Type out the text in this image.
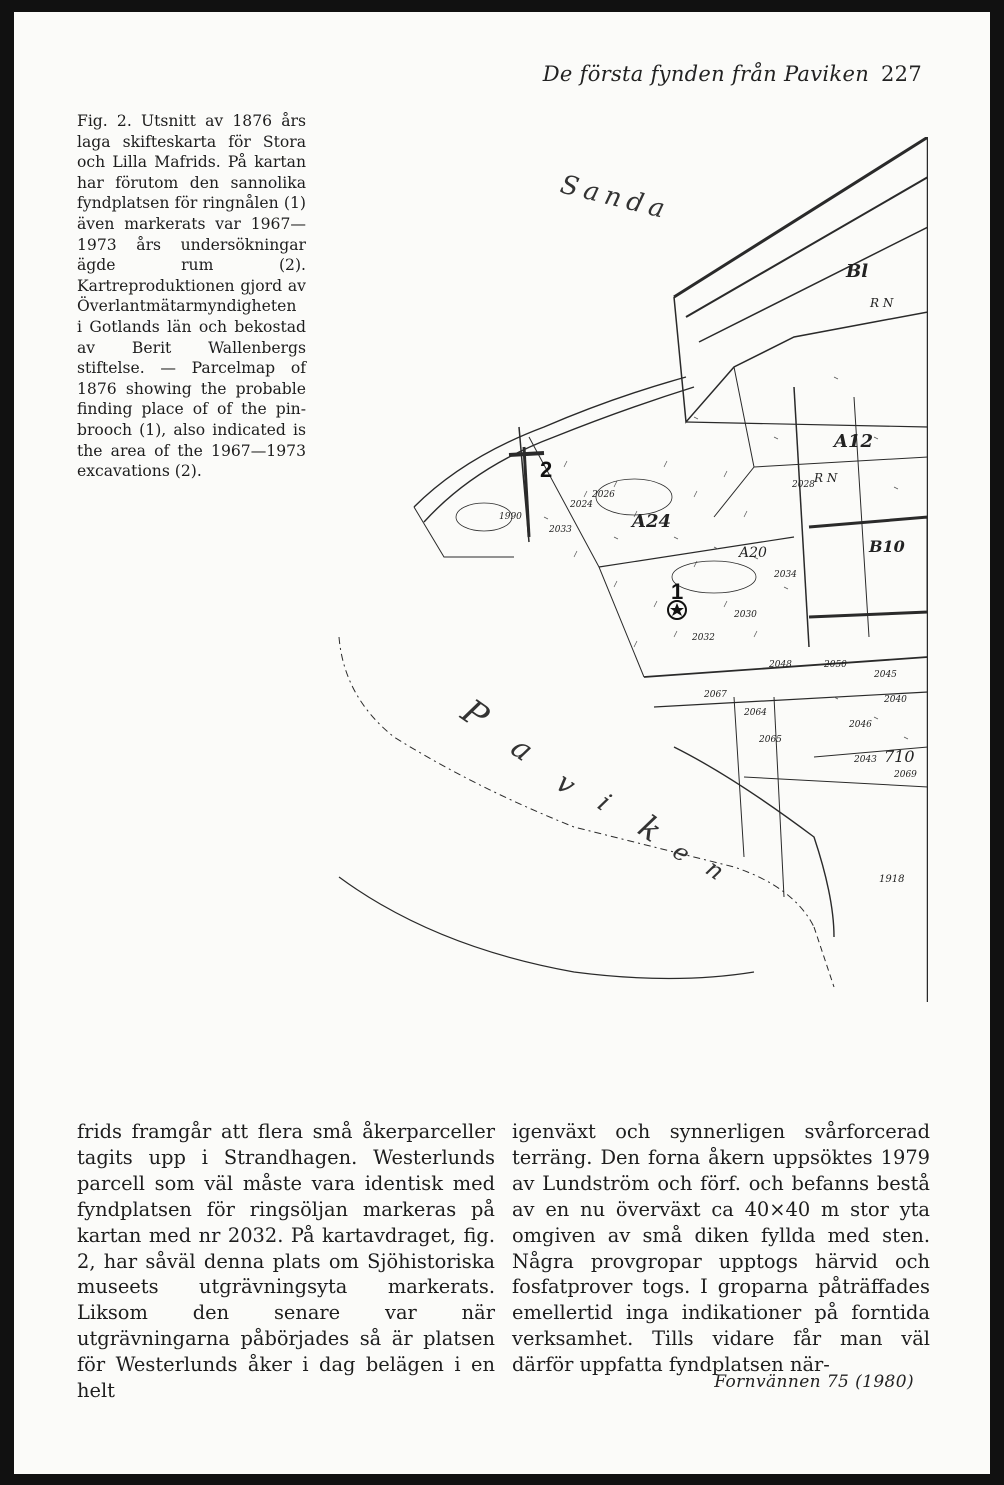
De första fynden från Paviken 227
Fig. 2. Utsnitt av 1876 års laga skifteskarta för Stora och Lilla Mafrids. På kartan har förutom den sannolika fyndplatsen för ringnålen (1) även markerats var 1967—1973 års undersökningar ägde rum (2). Kartreproduktionen gjord av Överlantmätarmyndigheten i Gotlands län och bekostad av Berit Wallenbergs stiftelse. — Parcelmap of 1876 showing the probable finding place of of the pin-brooch (1), also indicated is the area of the 1967—1973 excavations (2).
1
2
Sanda
P
a
v
i
k
e
n
Bl
A12
A24
B10
A20
R N
R N
2032
2033
2034
2026
2030
2028
2024
2050
2064
2067
2048
2045
2046
2043
2065
2069
710
1990
2040
1918
frids framgår att flera små åkerparceller tagits upp i Strandhagen. Westerlunds parcell som väl måste vara identisk med fyndplatsen för ringsöljan markeras på kartan med nr 2032. På kartavdraget, fig. 2, har såväl denna plats om Sjöhistoriska museets utgrävningsyta markerats. Liksom den senare var när utgrävningarna påbörjades så är platsen för Westerlunds åker i dag belägen i en helt
igenväxt och synnerligen svårforcerad terräng. Den forna åkern uppsöktes 1979 av Lundström och förf. och befanns bestå av en nu överväxt ca 40×40 m stor yta omgiven av små diken fyllda med sten. Några provgropar upptogs härvid och fosfatprover togs. I groparna påträffades emellertid inga indikationer på forntida verksamhet. Tills vidare får man väl därför uppfatta fyndplatsen när-
Fornvännen 75 (1980)
